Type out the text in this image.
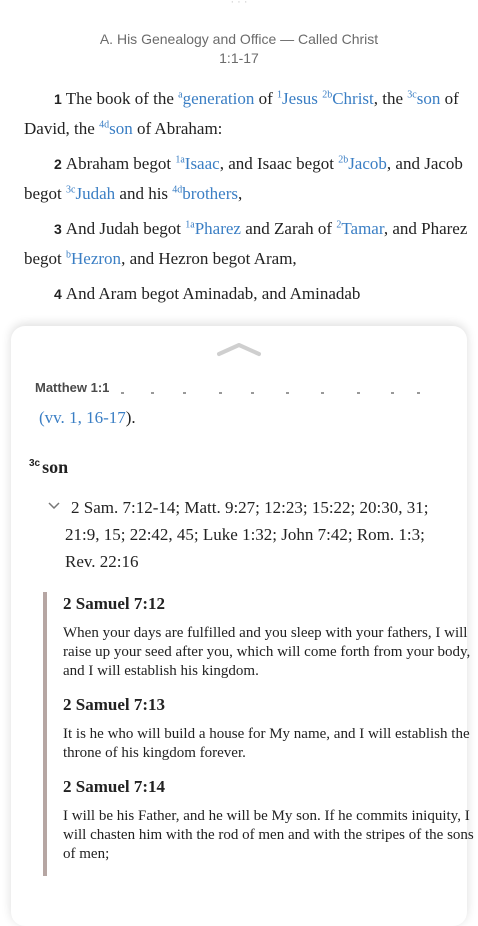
· · ·
A. His Genealogy and Office — Called Christ
1:1-17
1 The book of the $^a$generation of $^1$Jesus $^{2b}$Christ, the $^{3c}$son of David, the $^{4d}$son of Abraham:
2 Abraham begot $^{1a}$Isaac, and Isaac begot $^{2b}$Jacob, and Jacob begot $^{3c}$Judah and his $^{4d}$brothers,
3 And Judah begot $^{1a}$Pharez and Zarah of $^2$Tamar, and Pharez begot $^b$Hezron, and Hezron begot Aram,
4 And Aram begot Aminadab, and Aminadab
Matthew 1:1
(vv. 1, 16-17).
$^{3c}$ son
2 Sam. 7:12-14; Matt. 9:27; 12:23; 15:22; 20:30, 31; 21:9, 15; 22:42, 45; Luke 1:32; John 7:42; Rom. 1:3; Rev. 22:16
2 Samuel 7:12
When your days are fulfilled and you sleep with your fathers, I will raise up your seed after you, which will come forth from your body, and I will establish his kingdom.
2 Samuel 7:13
It is he who will build a house for My name, and I will establish the throne of his kingdom forever.
2 Samuel 7:14
I will be his Father, and he will be My son. If he commits iniquity, I will chasten him with the rod of men and with the stripes of the sons of men;
